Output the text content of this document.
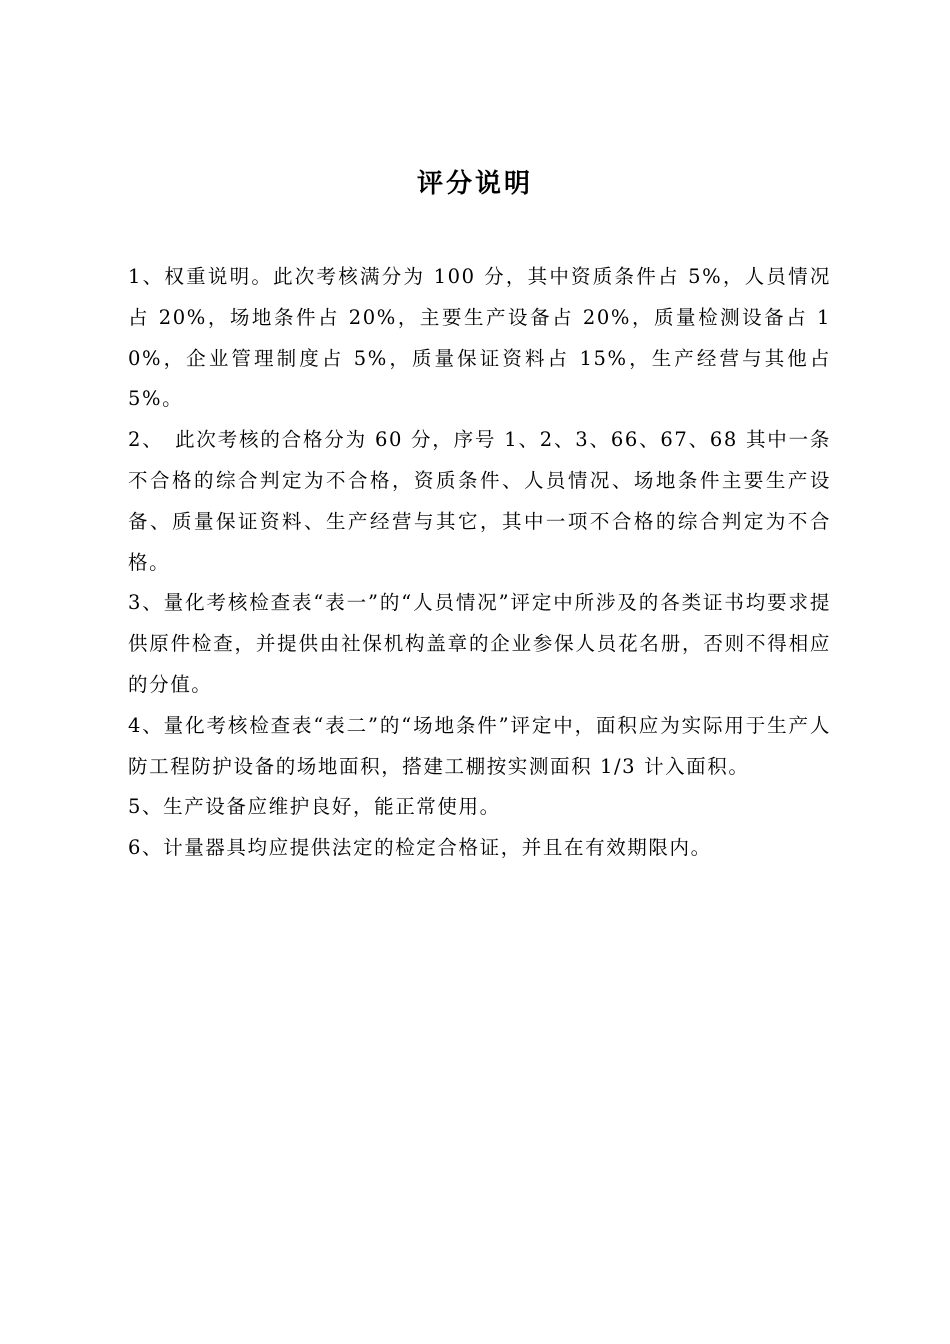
评分说明

1、权重说明。此次考核满分为 100 分，其中资质条件占 5%，人员情况占 20%，场地条件占 20%，主要生产设备占 20%，质量检测设备占 10%，企业管理制度占 5%，质量保证资料占 15%，生产经营与其他占 5%。

2、　此次考核的合格分为 60 分，序号 1、2、3、66、67、68 其中一条不合格的综合判定为不合格，资质条件、人员情况、场地条件主要生产设备、质量保证资料、生产经营与其它，其中一项不合格的综合判定为不合格。

3、量化考核检查表“表一”的“人员情况”评定中所涉及的各类证书均要求提供原件检查，并提供由社保机构盖章的企业参保人员花名册，否则不得相应的分值。

4、量化考核检查表“表二”的“场地条件”评定中，面积应为实际用于生产人防工程防护设备的场地面积，搭建工棚按实测面积 1/3 计入面积。

5、生产设备应维护良好，能正常使用。

6、计量器具均应提供法定的检定合格证，并且在有效期限内。
